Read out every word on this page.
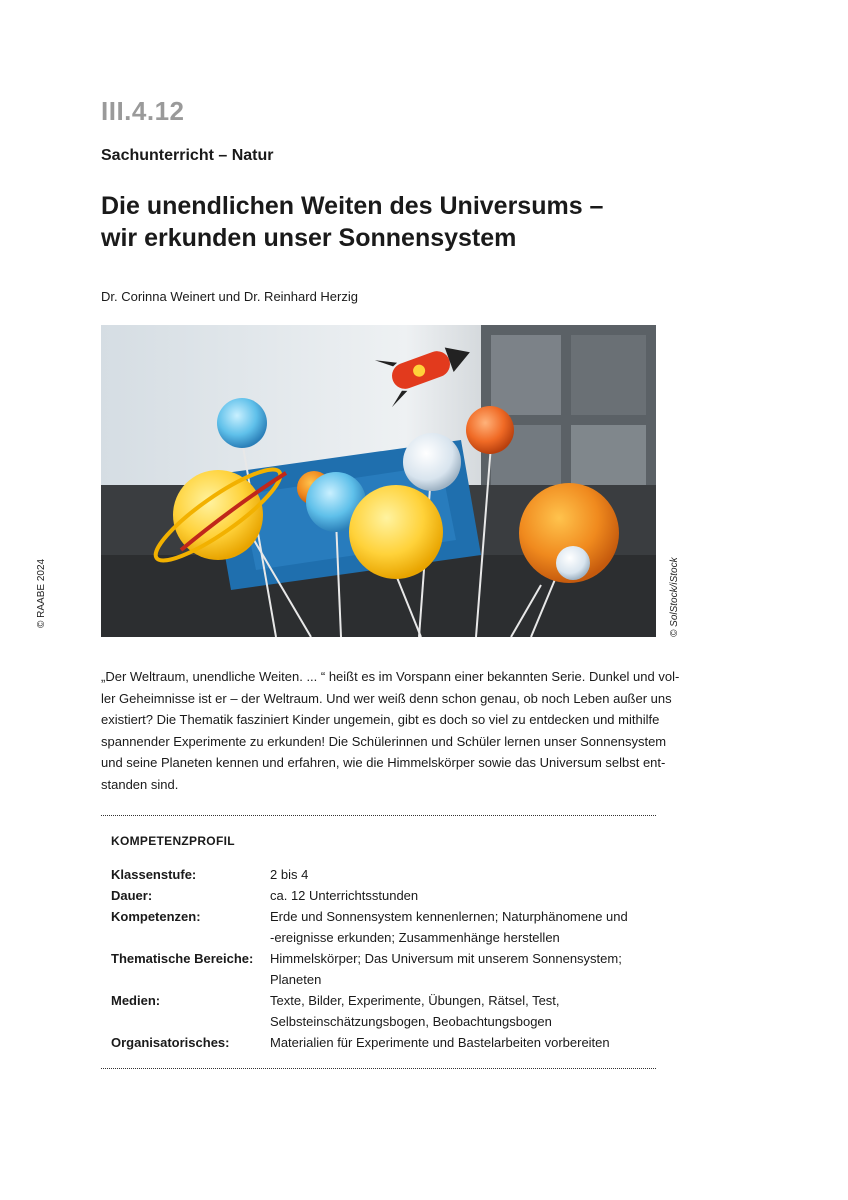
III.4.12
Sachunterricht – Natur
Die unendlichen Weiten des Universums –
wir erkunden unser Sonnensystem
Dr. Corinna Weinert und Dr. Reinhard Herzig
© SolStock/iStock
© RAABE 2024
„Der Weltraum, unendliche Weiten. ... “ heißt es im Vorspann einer bekannten Serie. Dunkel und vol-
ler Geheimnisse ist er – der Weltraum. Und wer weiß denn schon genau, ob noch Leben außer uns
existiert? Die Thematik fasziniert Kinder ungemein, gibt es doch so viel zu entdecken und mithilfe
spannender Experimente zu erkunden! Die Schülerinnen und Schüler lernen unser Sonnensystem
und seine Planeten kennen und erfahren, wie die Himmelskörper sowie das Universum selbst ent-
standen sind.
KOMPETENZPROFIL
Klassenstufe:	2 bis 4

Dauer:	ca. 12 Unterrichtsstunden

Kompetenzen:	Erde und Sonnensystem kennenlernen; Naturphänomene und
-ereignisse erkunden; Zusammenhänge herstellen

Thematische Bereiche:	Himmelskörper; Das Universum mit unserem Sonnensystem;
Planeten

Medien:	Texte, Bilder, Experimente, Übungen, Rätsel, Test,
Selbsteinschätzungsbogen, Beobachtungsbogen

Organisatorisches:	Materialien für Experimente und Bastelarbeiten vorbereiten
